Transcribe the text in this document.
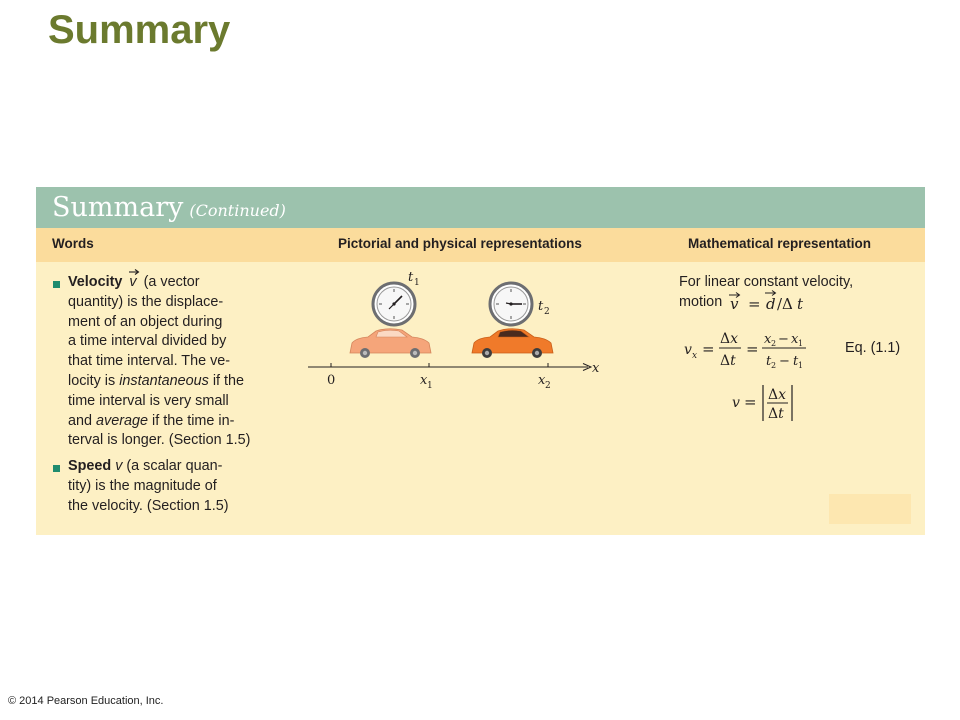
Summary
Summary (Continued)
Words	Pictorial and physical representations	Mathematical representation
Velocity v (a vector
quantity) is the displace-
ment of an object during
a time interval divided by
that time interval. The ve-
locity is instantaneous if the
time interval is very small
and average if the time in-
terval is longer. (Section 1.5)
Speed v (a scalar quan-
tity) is the magnitude of
the velocity. (Section 1.5)
t 1
t 2
0	x 1	x 2
x
For linear constant velocity,
motion v = d /Δ t
v x =
Δx
Δt
=
x 2 − x 1
t 2 − t 1
Eq. (1.1)
v = Δx
Δt
© 2014 Pearson Education, Inc.
